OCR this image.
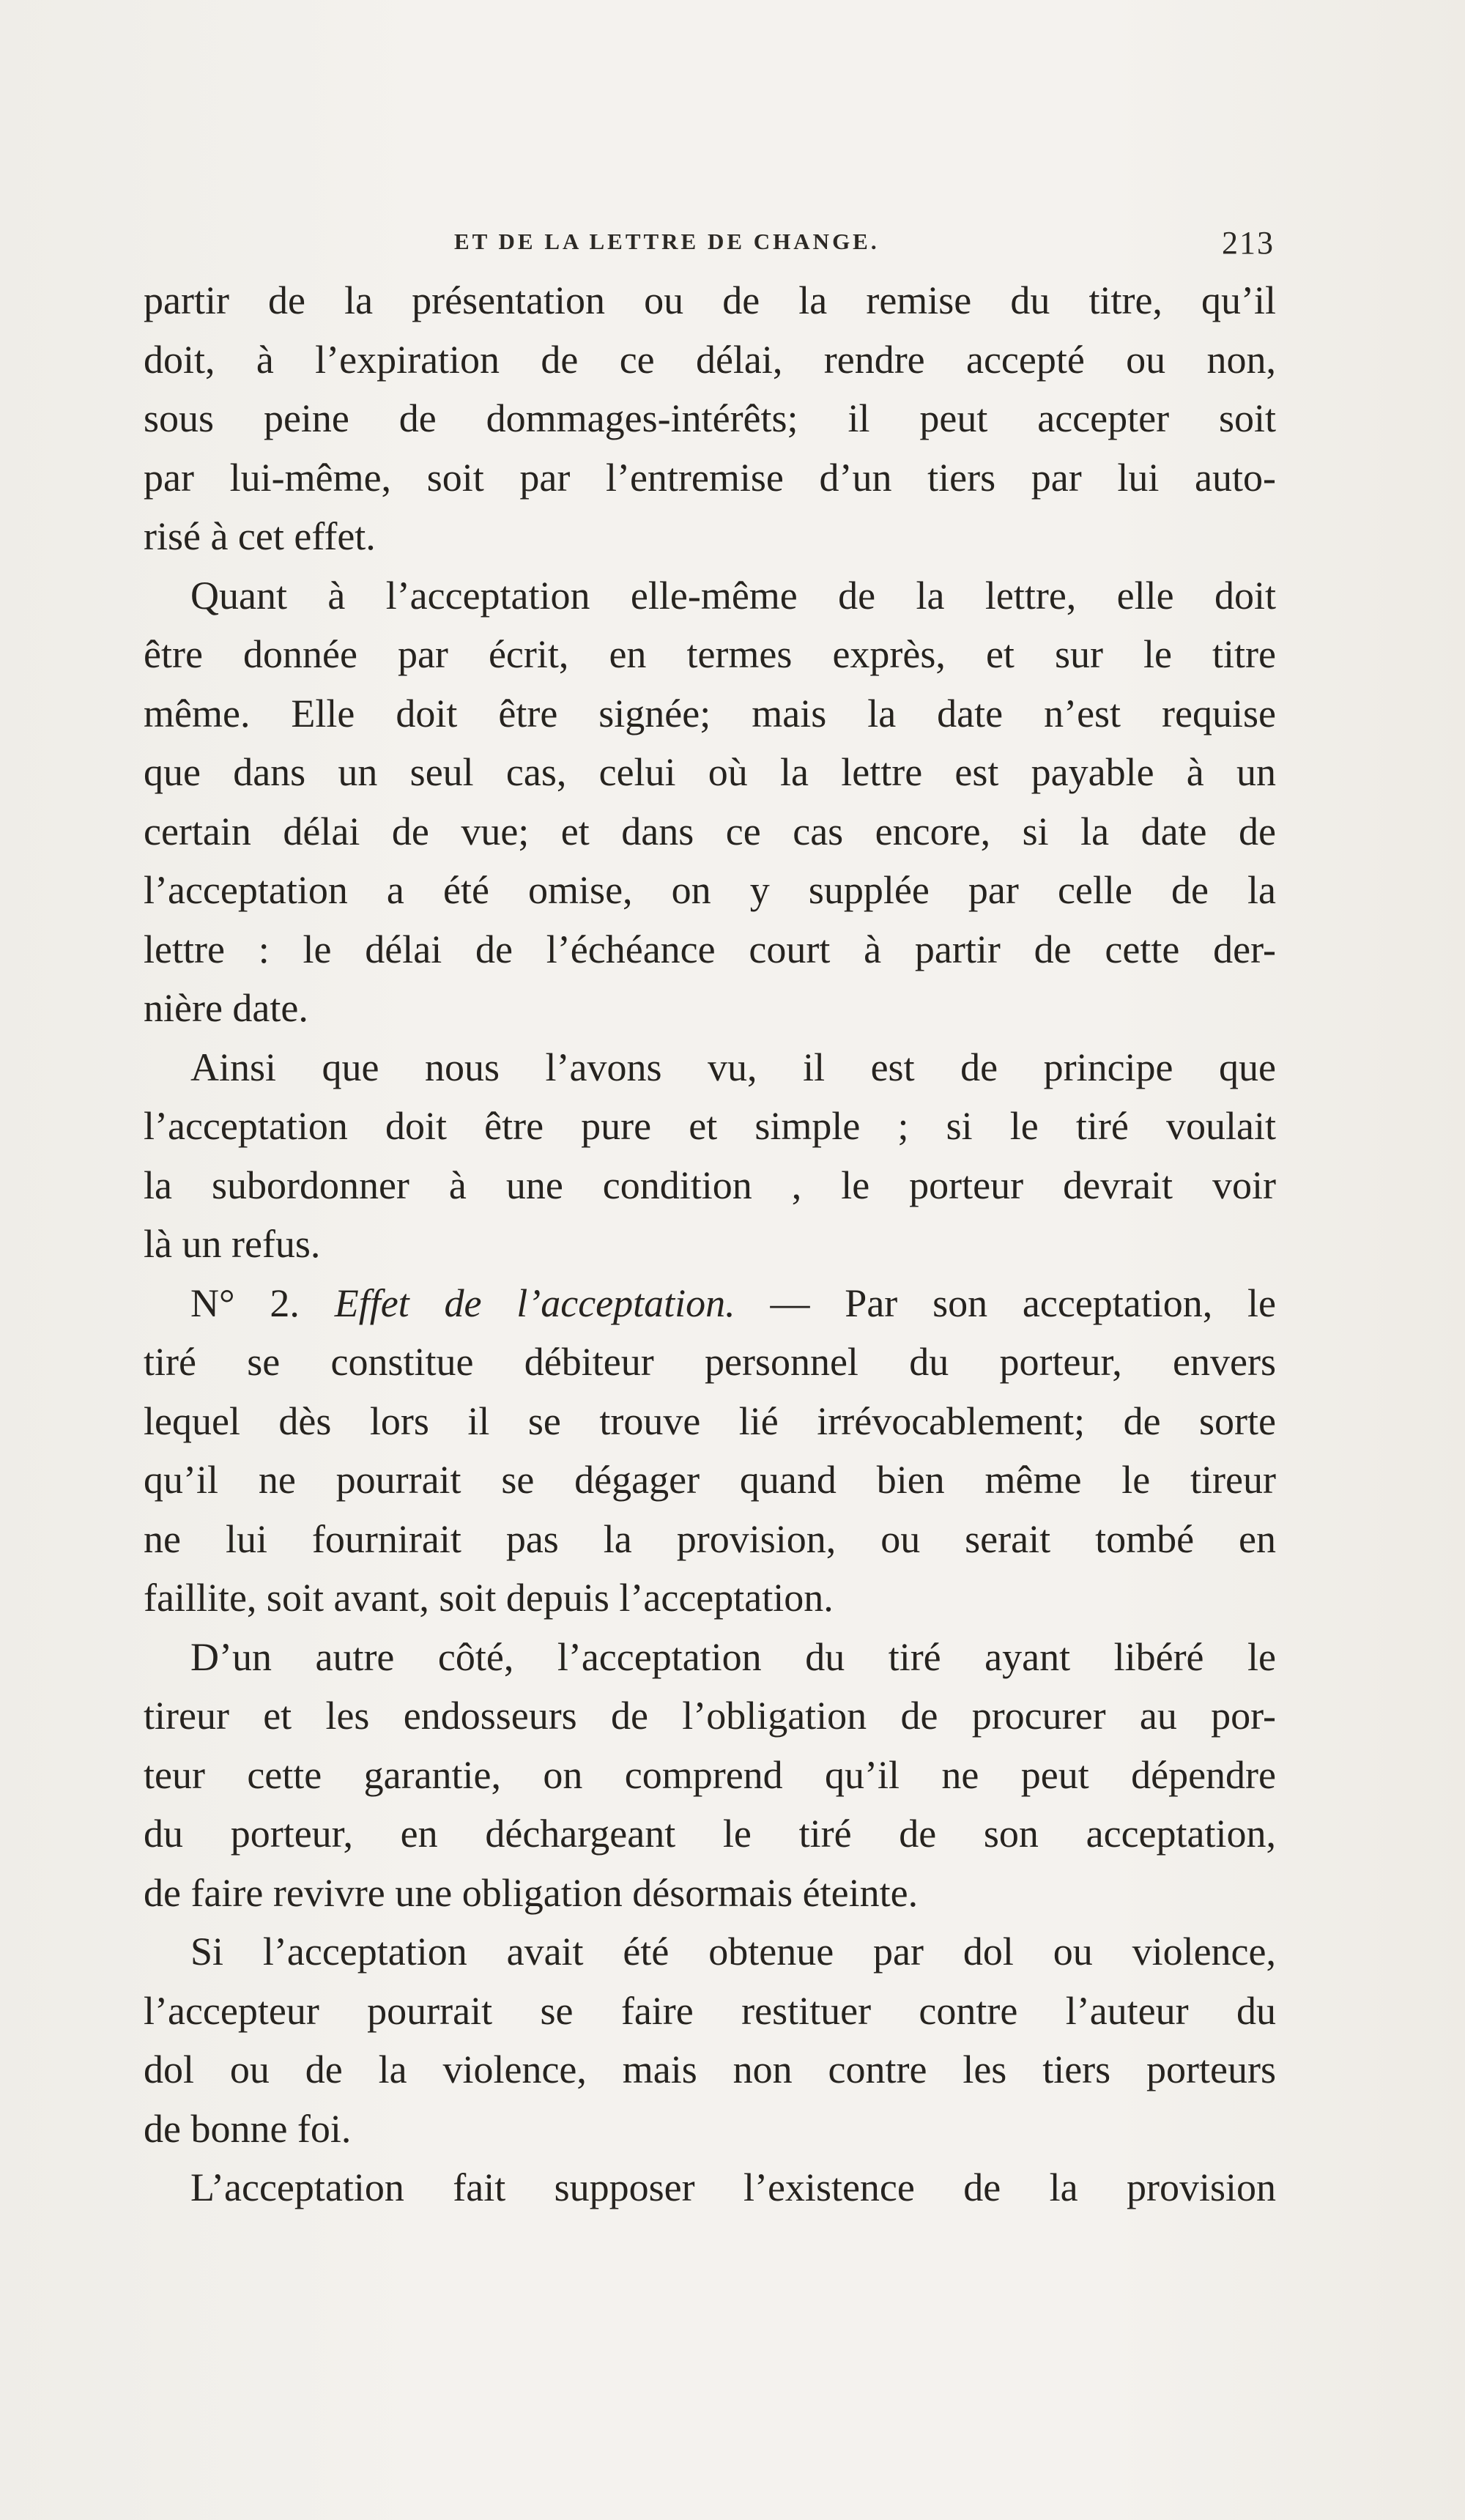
ET DE LA LETTRE DE CHANGE.	213
partir de la présentation ou de la remise du titre, qu’il
doit, à l’expiration de ce délai, rendre accepté ou non,
sous peine de dommages-intérêts; il peut accepter soit
par lui-même, soit par l’entremise d’un tiers par lui auto-
risé à cet effet.
Quant à l’acceptation elle-même de la lettre, elle doit
être donnée par écrit, en termes exprès, et sur le titre
même. Elle doit être signée; mais la date n’est requise
que dans un seul cas, celui où la lettre est payable à un
certain délai de vue; et dans ce cas encore, si la date de
l’acceptation a été omise, on y supplée par celle de la
lettre : le délai de l’échéance court à partir de cette der-
nière date.
Ainsi que nous l’avons vu, il est de principe que
l’acceptation doit être pure et simple ; si le tiré voulait
la subordonner à une condition , le porteur devrait voir
là un refus.
N° 2. Effet de l’acceptation. — Par son acceptation, le
tiré se constitue débiteur personnel du porteur, envers
lequel dès lors il se trouve lié irrévocablement; de sorte
qu’il ne pourrait se dégager quand bien même le tireur
ne lui fournirait pas la provision, ou serait tombé en
faillite, soit avant, soit depuis l’acceptation.
D’un autre côté, l’acceptation du tiré ayant libéré le
tireur et les endosseurs de l’obligation de procurer au por-
teur cette garantie, on comprend qu’il ne peut dépendre
du porteur, en déchargeant le tiré de son acceptation,
de faire revivre une obligation désormais éteinte.
Si l’acceptation avait été obtenue par dol ou violence,
l’accepteur pourrait se faire restituer contre l’auteur du
dol ou de la violence, mais non contre les tiers porteurs
de bonne foi.
L’acceptation fait supposer l’existence de la provision
